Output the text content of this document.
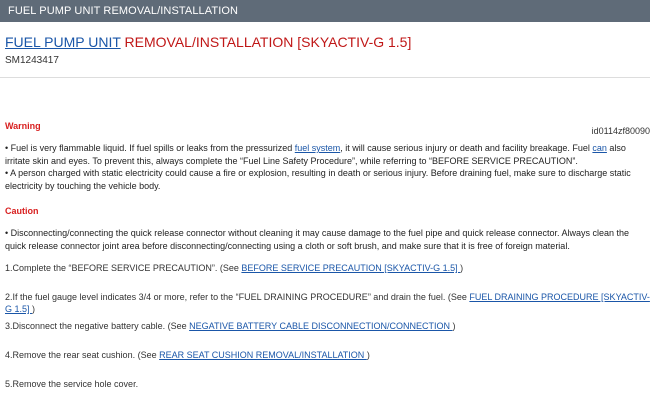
FUEL PUMP UNIT REMOVAL/INSTALLATION
FUEL PUMP UNIT REMOVAL/INSTALLATION [SKYACTIV-G 1.5]
SM1243417
id0114zf80090
Warning

• Fuel is very flammable liquid. If fuel spills or leaks from the pressurized fuel system, it will cause serious injury or death and facility breakage. Fuel can also irritate skin and eyes. To prevent this, always complete the “Fuel Line Safety Procedure”, while referring to “BEFORE SERVICE PRECAUTION”.

• A person charged with static electricity could cause a fire or explosion, resulting in death or serious injury. Before draining fuel, make sure to discharge static electricity by touching the vehicle body.

Caution

• Disconnecting/connecting the quick release connector without cleaning it may cause damage to the fuel pipe and quick release connector. Always clean the quick release connector joint area before disconnecting/connecting using a cloth or soft brush, and make sure that it is free of foreign material.

1.Complete the “BEFORE SERVICE PRECAUTION”. (See BEFORE SERVICE PRECAUTION [SKYACTIV-G 1.5] )
2.If the fuel gauge level indicates 3/4 or more, refer to the “FUEL DRAINING PROCEDURE” and drain the fuel. (See FUEL DRAINING PROCEDURE [SKYACTIV-G 1.5] )
3.Disconnect the negative battery cable. (See NEGATIVE BATTERY CABLE DISCONNECTION/CONNECTION )
4.Remove the rear seat cushion. (See REAR SEAT CUSHION REMOVAL/INSTALLATION )
5.Remove the service hole cover.
